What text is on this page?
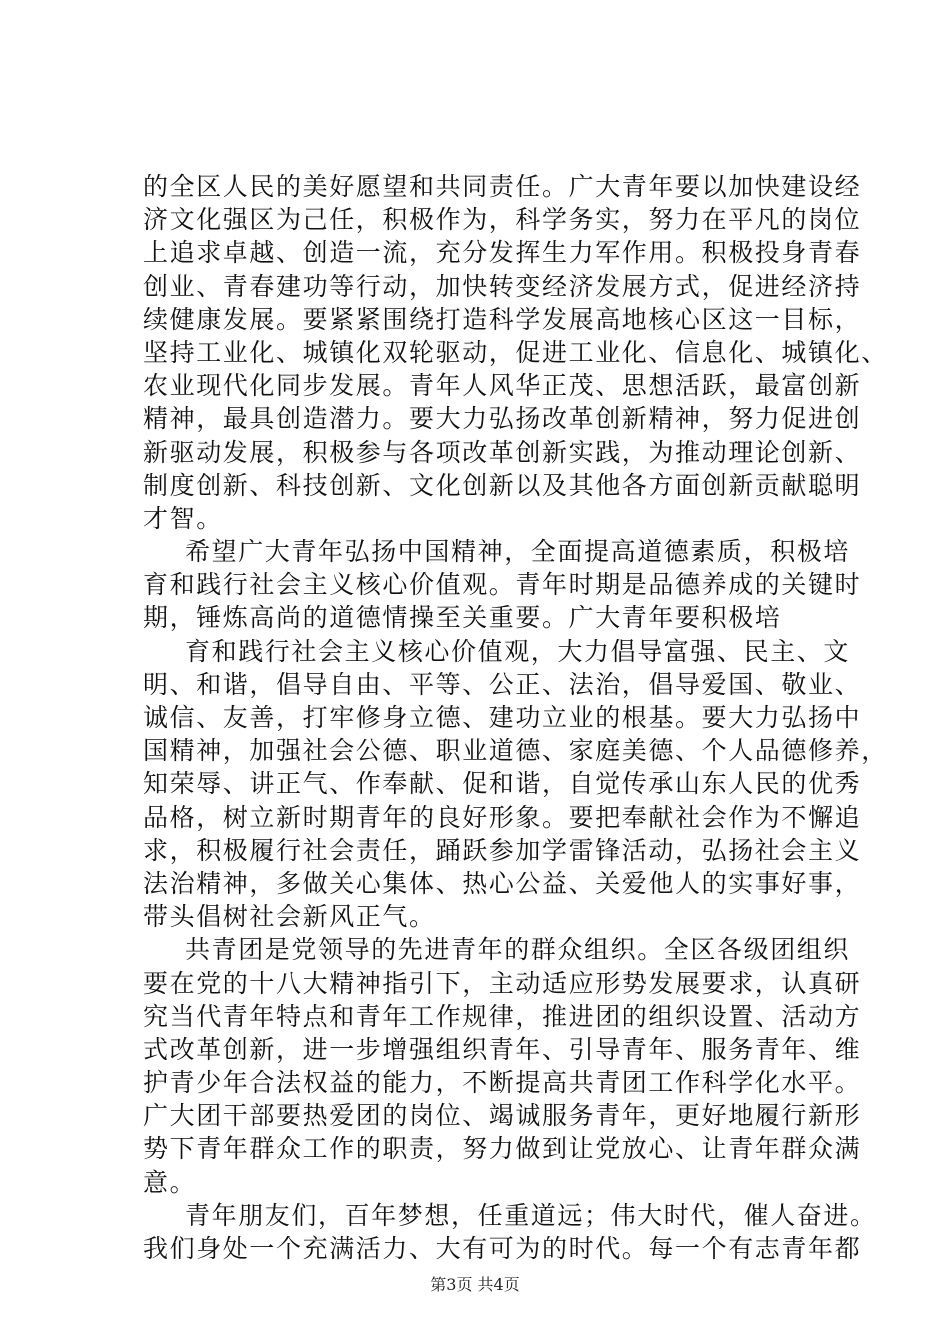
的全区人民的美好愿望和共同责任。广大青年要以加快建设经
济文化强区为己任，积极作为，科学务实，努力在平凡的岗位
上追求卓越、创造一流，充分发挥生力军作用。积极投身青春
创业、青春建功等行动，加快转变经济发展方式，促进经济持
续健康发展。要紧紧围绕打造科学发展高地核心区这一目标，
坚持工业化、城镇化双轮驱动，促进工业化、信息化、城镇化、
农业现代化同步发展。青年人风华正茂、思想活跃，最富创新
精神，最具创造潜力。要大力弘扬改革创新精神，努力促进创
新驱动发展，积极参与各项改革创新实践，为推动理论创新、
制度创新、科技创新、文化创新以及其他各方面创新贡献聪明
才智。
希望广大青年弘扬中国精神，全面提高道德素质，积极培
育和践行社会主义核心价值观。青年时期是品德养成的关键时
期，锤炼高尚的道德情操至关重要。广大青年要积极培
育和践行社会主义核心价值观，大力倡导富强、民主、文
明、和谐，倡导自由、平等、公正、法治，倡导爱国、敬业、
诚信、友善，打牢修身立德、建功立业的根基。要大力弘扬中
国精神，加强社会公德、职业道德、家庭美德、个人品德修养，
知荣辱、讲正气、作奉献、促和谐，自觉传承山东人民的优秀
品格，树立新时期青年的良好形象。要把奉献社会作为不懈追
求，积极履行社会责任，踊跃参加学雷锋活动，弘扬社会主义
法治精神，多做关心集体、热心公益、关爱他人的实事好事，
带头倡树社会新风正气。
共青团是党领导的先进青年的群众组织。全区各级团组织
要在党的十八大精神指引下，主动适应形势发展要求，认真研
究当代青年特点和青年工作规律，推进团的组织设置、活动方
式改革创新，进一步增强组织青年、引导青年、服务青年、维
护青少年合法权益的能力，不断提高共青团工作科学化水平。
广大团干部要热爱团的岗位、竭诚服务青年，更好地履行新形
势下青年群众工作的职责，努力做到让党放心、让青年群众满
意。
青年朋友们，百年梦想，任重道远；伟大时代，催人奋进。
我们身处一个充满活力、大有可为的时代。每一个有志青年都
第3页 共4页
